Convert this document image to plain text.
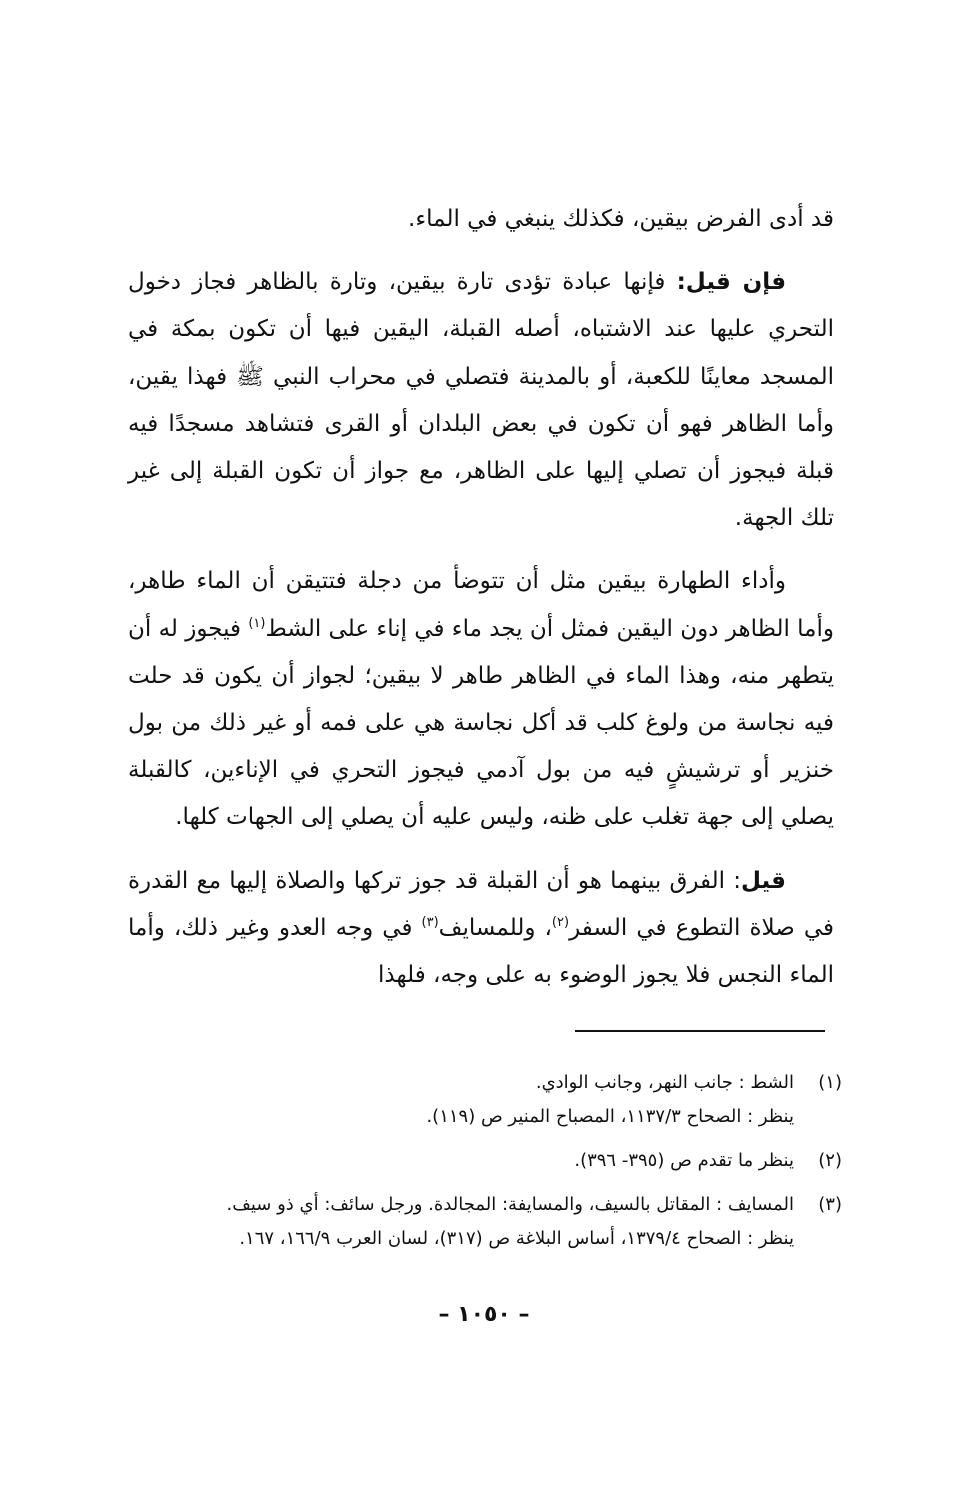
قد أدى الفرض بيقين، فكذلك ينبغي في الماء.

فإن قيل: فإنها عبادة تؤدى تارة بيقين، وتارة بالظاهر فجاز دخول التحري عليها عند الاشتباه، أصله القبلة، اليقين فيها أن تكون بمكة في المسجد معاينًا للكعبة، أو بالمدينة فتصلي في محراب النبي ﷺ فهذا يقين، وأما الظاهر فهو أن تكون في بعض البلدان أو القرى فتشاهد مسجدًا فيه قبلة فيجوز أن تصلي إليها على الظاهر، مع جواز أن تكون القبلة إلى غير تلك الجهة.

وأداء الطهارة بيقين مثل أن تتوضأ من دجلة فتتيقن أن الماء طاهر، وأما الظاهر دون اليقين فمثل أن يجد ماء في إناء على الشط$^{(١)}$ فيجوز له أن يتطهر منه، وهذا الماء في الظاهر طاهر لا بيقين؛ لجواز أن يكون قد حلت فيه نجاسة من ولوغ كلب قد أكل نجاسة هي على فمه أو غير ذلك من بول خنزير أو ترشيشٍ فيه من بول آدمي فيجوز التحري في الإناءين، كالقبلة يصلي إلى جهة تغلب على ظنه، وليس عليه أن يصلي إلى الجهات كلها.

قيل: الفرق بينهما هو أن القبلة قد جوز تركها والصلاة إليها مع القدرة في صلاة التطوع في السفر$^{(٢)}$، وللمسايف$^{(٣)}$ في وجه العدو وغير ذلك، وأما الماء النجس فلا يجوز الوضوء به على وجه، فلهذا

(١)
الشط : جانب النهر، وجانب الوادي.
ينظر : الصحاح ١١٣٧/٣، المصباح المنير ص (١١٩).
(٢)
ينظر ما تقدم ص (٣٩٥- ٣٩٦).
(٣)
المسايف : المقاتل بالسيف، والمسايفة: المجالدة. ورجل سائف: أي ذو سيف.
ينظر : الصحاح ١٣٧٩/٤، أساس البلاغة ص (٣١٧)، لسان العرب ١٦٦/٩، ١٦٧.
– ١٠٥٠ –
